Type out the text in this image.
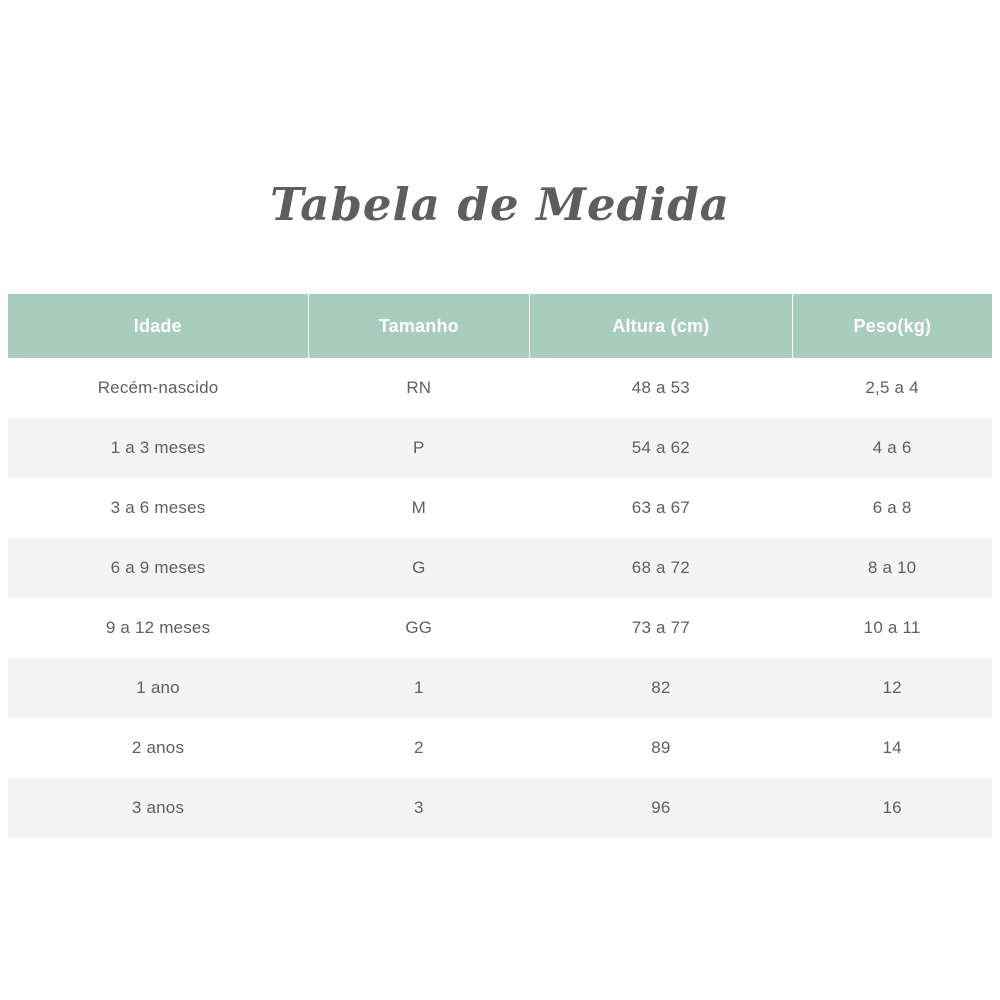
Tabela de Medida
Idade	Tamanho	Altura (cm)	Peso(kg)
Recém-nascido	RN	48 a 53	2,5 a 4
1 a 3 meses	P	54 a 62	4 a 6
3 a 6 meses	M	63 a 67	6 a 8
6 a 9 meses	G	68 a 72	8 a 10
9 a 12 meses	GG	73 a 77	10 a 11
1 ano	1	82	12
2 anos	2	89	14
3 anos	3	96	16
